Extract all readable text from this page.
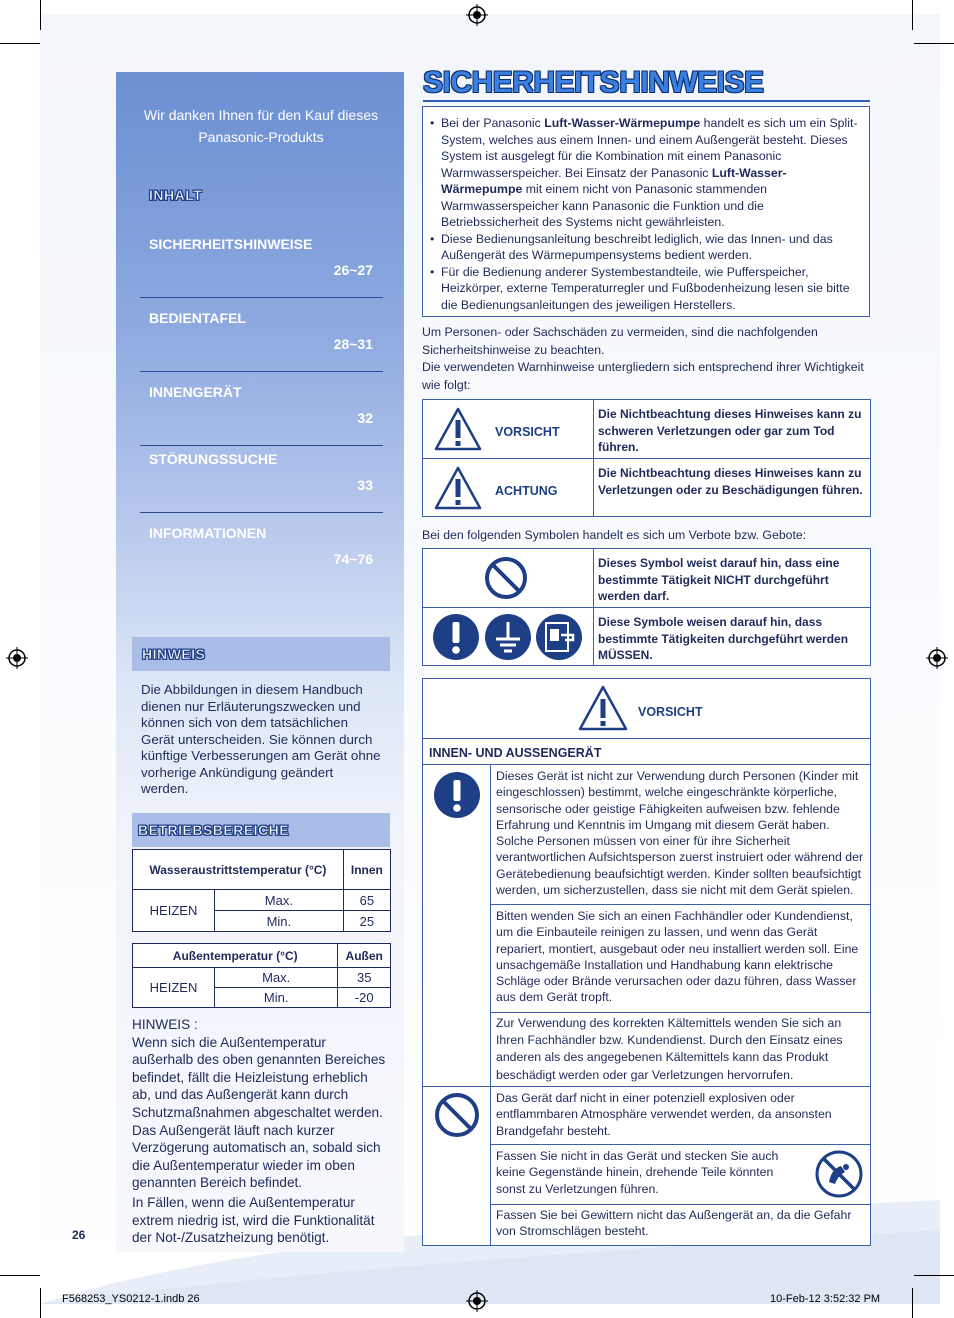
Wir danken Ihnen für den Kauf dieses Panasonic-Produkts
INHALT
SICHERHEITSHINWEISE
26~27
BEDIENTAFEL
28~31
INNENGERÄT
32
STÖRUNGSSUCHE
33
INFORMATIONEN
74~76
HINWEIS
Die Abbildungen in diesem Handbuch dienen nur Erläuterungszwecken und können sich von dem tatsächlichen Gerät unterscheiden. Sie können durch künftige Verbesserungen am Gerät ohne vorherige Ankündigung geändert werden.
BETRIEBSBEREICHE
Wasseraustrittstemperatur (°C)		Innen
HEIZEN	Max.	65
	Min.	25
Außentemperatur (°C)		Außen
HEIZEN	Max.	35
	Min.	-20
HINWEIS :
Wenn sich die Außentemperatur außerhalb des oben genannten Bereiches befindet, fällt die Heizleistung erheblich ab, und das Außengerät kann durch Schutzmaßnahmen abgeschaltet werden. Das Außengerät läuft nach kurzer Verzögerung automatisch an, sobald sich die Außentemperatur wieder im oben genannten Bereich befindet.
In Fällen, wenn die Außentemperatur extrem niedrig ist, wird die Funktionalität der Not-/Zusatzheizung benötigt.
26
SICHERHEITSHINWEISE
• Bei der Panasonic Luft-Wasser-Wärmepumpe handelt es sich um ein Split-System, welches aus einem Innen- und einem Außengerät besteht. Dieses System ist ausgelegt für die Kombination mit einem Panasonic Warmwasserspeicher. Bei Einsatz der Panasonic Luft-Wasser-Wärmepumpe mit einem nicht von Panasonic stammenden Warmwasserspeicher kann Panasonic die Funktion und die Betriebssicherheit des Systems nicht gewährleisten.
• Diese Bedienungsanleitung beschreibt lediglich, wie das Innen- und das Außengerät des Wärmepumpensystems bedient werden.
• Für die Bedienung anderer Systembestandteile, wie Pufferspeicher, Heizkörper, externe Temperaturregler und Fußbodenheizung lesen sie bitte die Bedienungsanleitungen des jeweiligen Herstellers.
Um Personen- oder Sachschäden zu vermeiden, sind die nachfolgenden Sicherheitshinweise zu beachten.
Die verwendeten Warnhinweise untergliedern sich entsprechend ihrer Wichtigkeit wie folgt:
VORSICHT
Die Nichtbeachtung dieses Hinweises kann zu schweren Verletzungen oder gar zum Tod führen.
ACHTUNG
Die Nichtbeachtung dieses Hinweises kann zu Verletzungen oder zu Beschädigungen führen.
Bei den folgenden Symbolen handelt es sich um Verbote bzw. Gebote:
Dieses Symbol weist darauf hin, dass eine bestimmte Tätigkeit NICHT durchgeführt werden darf.
Diese Symbole weisen darauf hin, dass bestimmte Tätigkeiten durchgeführt werden MÜSSEN.
VORSICHT
INNEN- UND AUSSENGERÄT
Dieses Gerät ist nicht zur Verwendung durch Personen (Kinder mit eingeschlossen) bestimmt, welche eingeschränkte körperliche, sensorische oder geistige Fähigkeiten aufweisen bzw. fehlende Erfahrung und Kenntnis im Umgang mit diesem Gerät haben. Solche Personen müssen von einer für ihre Sicherheit verantwortlichen Aufsichtsperson zuerst instruiert oder während der Gerätebedienung beaufsichtigt werden. Kinder sollten beaufsichtigt werden, um sicherzustellen, dass sie nicht mit dem Gerät spielen.
Bitten wenden Sie sich an einen Fachhändler oder Kundendienst, um die Einbauteile reinigen zu lassen, und wenn das Gerät repariert, montiert, ausgebaut oder neu installiert werden soll. Eine unsachgemäße Installation und Handhabung kann elektrische Schläge oder Brände verursachen oder dazu führen, dass Wasser aus dem Gerät tropft.
Zur Verwendung des korrekten Kältemittels wenden Sie sich an Ihren Fachhändler bzw. Kundendienst. Durch den Einsatz eines anderen als des angegebenen Kältemittels kann das Produkt beschädigt werden oder gar Verletzungen hervorrufen.
Das Gerät darf nicht in einer potenziell explosiven oder entflammbaren Atmosphäre verwendet werden, da ansonsten Brandgefahr besteht.
Fassen Sie nicht in das Gerät und stecken Sie auch keine Gegenstände hinein, drehende Teile könnten sonst zu Verletzungen führen.
Fassen Sie bei Gewittern nicht das Außengerät an, da die Gefahr von Stromschlägen besteht.
F568253_YS0212-1.indb 26	10-Feb-12 3:52:32 PM
